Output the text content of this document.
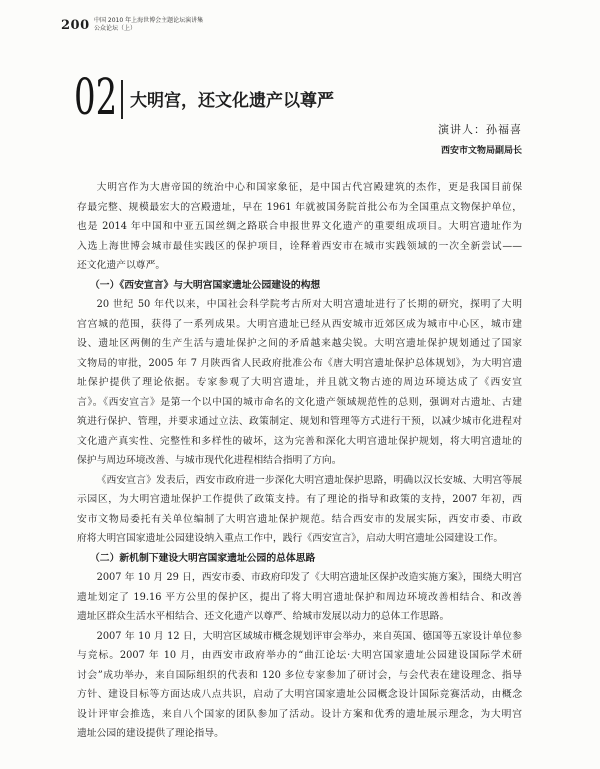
200 中国 2010 年上海世博会主题论坛演讲集
公众论坛（上）
02 大明宫，还文化遗产以尊严
演讲人：孙福喜
西安市文物局副局长
大明宫作为大唐帝国的统治中心和国家象征，是中国古代宫殿建筑的杰作，更是我国目前保
存最完整、规模最宏大的宫殿遗址，早在 1961 年就被国务院首批公布为全国重点文物保护单位，
也是 2014 年中国和中亚五国丝绸之路联合申报世界文化遗产的重要组成项目。大明宫遗址作为
入选上海世博会城市最佳实践区的保护项目，诠释着西安市在城市实践领域的一次全新尝试——
还文化遗产以尊严。
（一）《西安宣言》与大明宫国家遗址公园建设的构想
20 世纪 50 年代以来，中国社会科学院考古所对大明宫遗址进行了长期的研究，探明了大明
宫宫城的范围，获得了一系列成果。大明宫遗址已经从西安城市近郊区成为城市中心区，城市建
设、遗址区两侧的生产生活与遗址保护之间的矛盾越来越尖锐。大明宫遗址保护规划通过了国家
文物局的审批，2005 年 7 月陕西省人民政府批准公布《唐大明宫遗址保护总体规划》，为大明宫遗
址保护提供了理论依据。专家参观了大明宫遗址，并且就文物古迹的周边环境达成了《西安宣
言》。《西安宣言》是第一个以中国的城市命名的文化遗产领域规范性的总则，强调对古遗址、古建
筑进行保护、管理，并要求通过立法、政策制定、规划和管理等方式进行干预，以减少城市化进程对
文化遗产真实性、完整性和多样性的破坏，这为完善和深化大明宫遗址保护规划，将大明宫遗址的
保护与周边环境改善、与城市现代化进程相结合指明了方向。
《西安宣言》发表后，西安市政府进一步深化大明宫遗址保护思路，明确以汉长安城、大明宫等展
示园区，为大明宫遗址保护工作提供了政策支持。有了理论的指导和政策的支持，2007 年初，西
安市文物局委托有关单位编制了大明宫遗址保护规范。结合西安市的发展实际，西安市委、市政
府将大明宫国家遗址公园建设纳入重点工作中，践行《西安宣言》，启动大明宫遗址公园建设工作。
（二）新机制下建设大明宫国家遗址公园的总体思路
2007 年 10 月 29 日，西安市委、市政府印发了《大明宫遗址区保护改造实施方案》，围绕大明宫
遗址划定了 19.16 平方公里的保护区，提出了将大明宫遗址保护和周边环境改善相结合、和改善
遗址区群众生活水平相结合、还文化遗产以尊严、给城市发展以动力的总体工作思路。
2007 年 10 月 12 日，大明宫区域城市概念规划评审会举办，来自英国、德国等五家设计单位参
与竞标。2007 年 10 月，由西安市政府举办的“曲江论坛·大明宫国家遗址公园建设国际学术研
讨会”成功举办，来自国际组织的代表和 120 多位专家参加了研讨会，与会代表在建设理念、指导
方针、建设目标等方面达成八点共识，启动了大明宫国家遗址公园概念设计国际竞赛活动，由概念
设计评审会推选，来自八个国家的团队参加了活动。设计方案和优秀的遗址展示理念，为大明宫
遗址公园的建设提供了理论指导。
